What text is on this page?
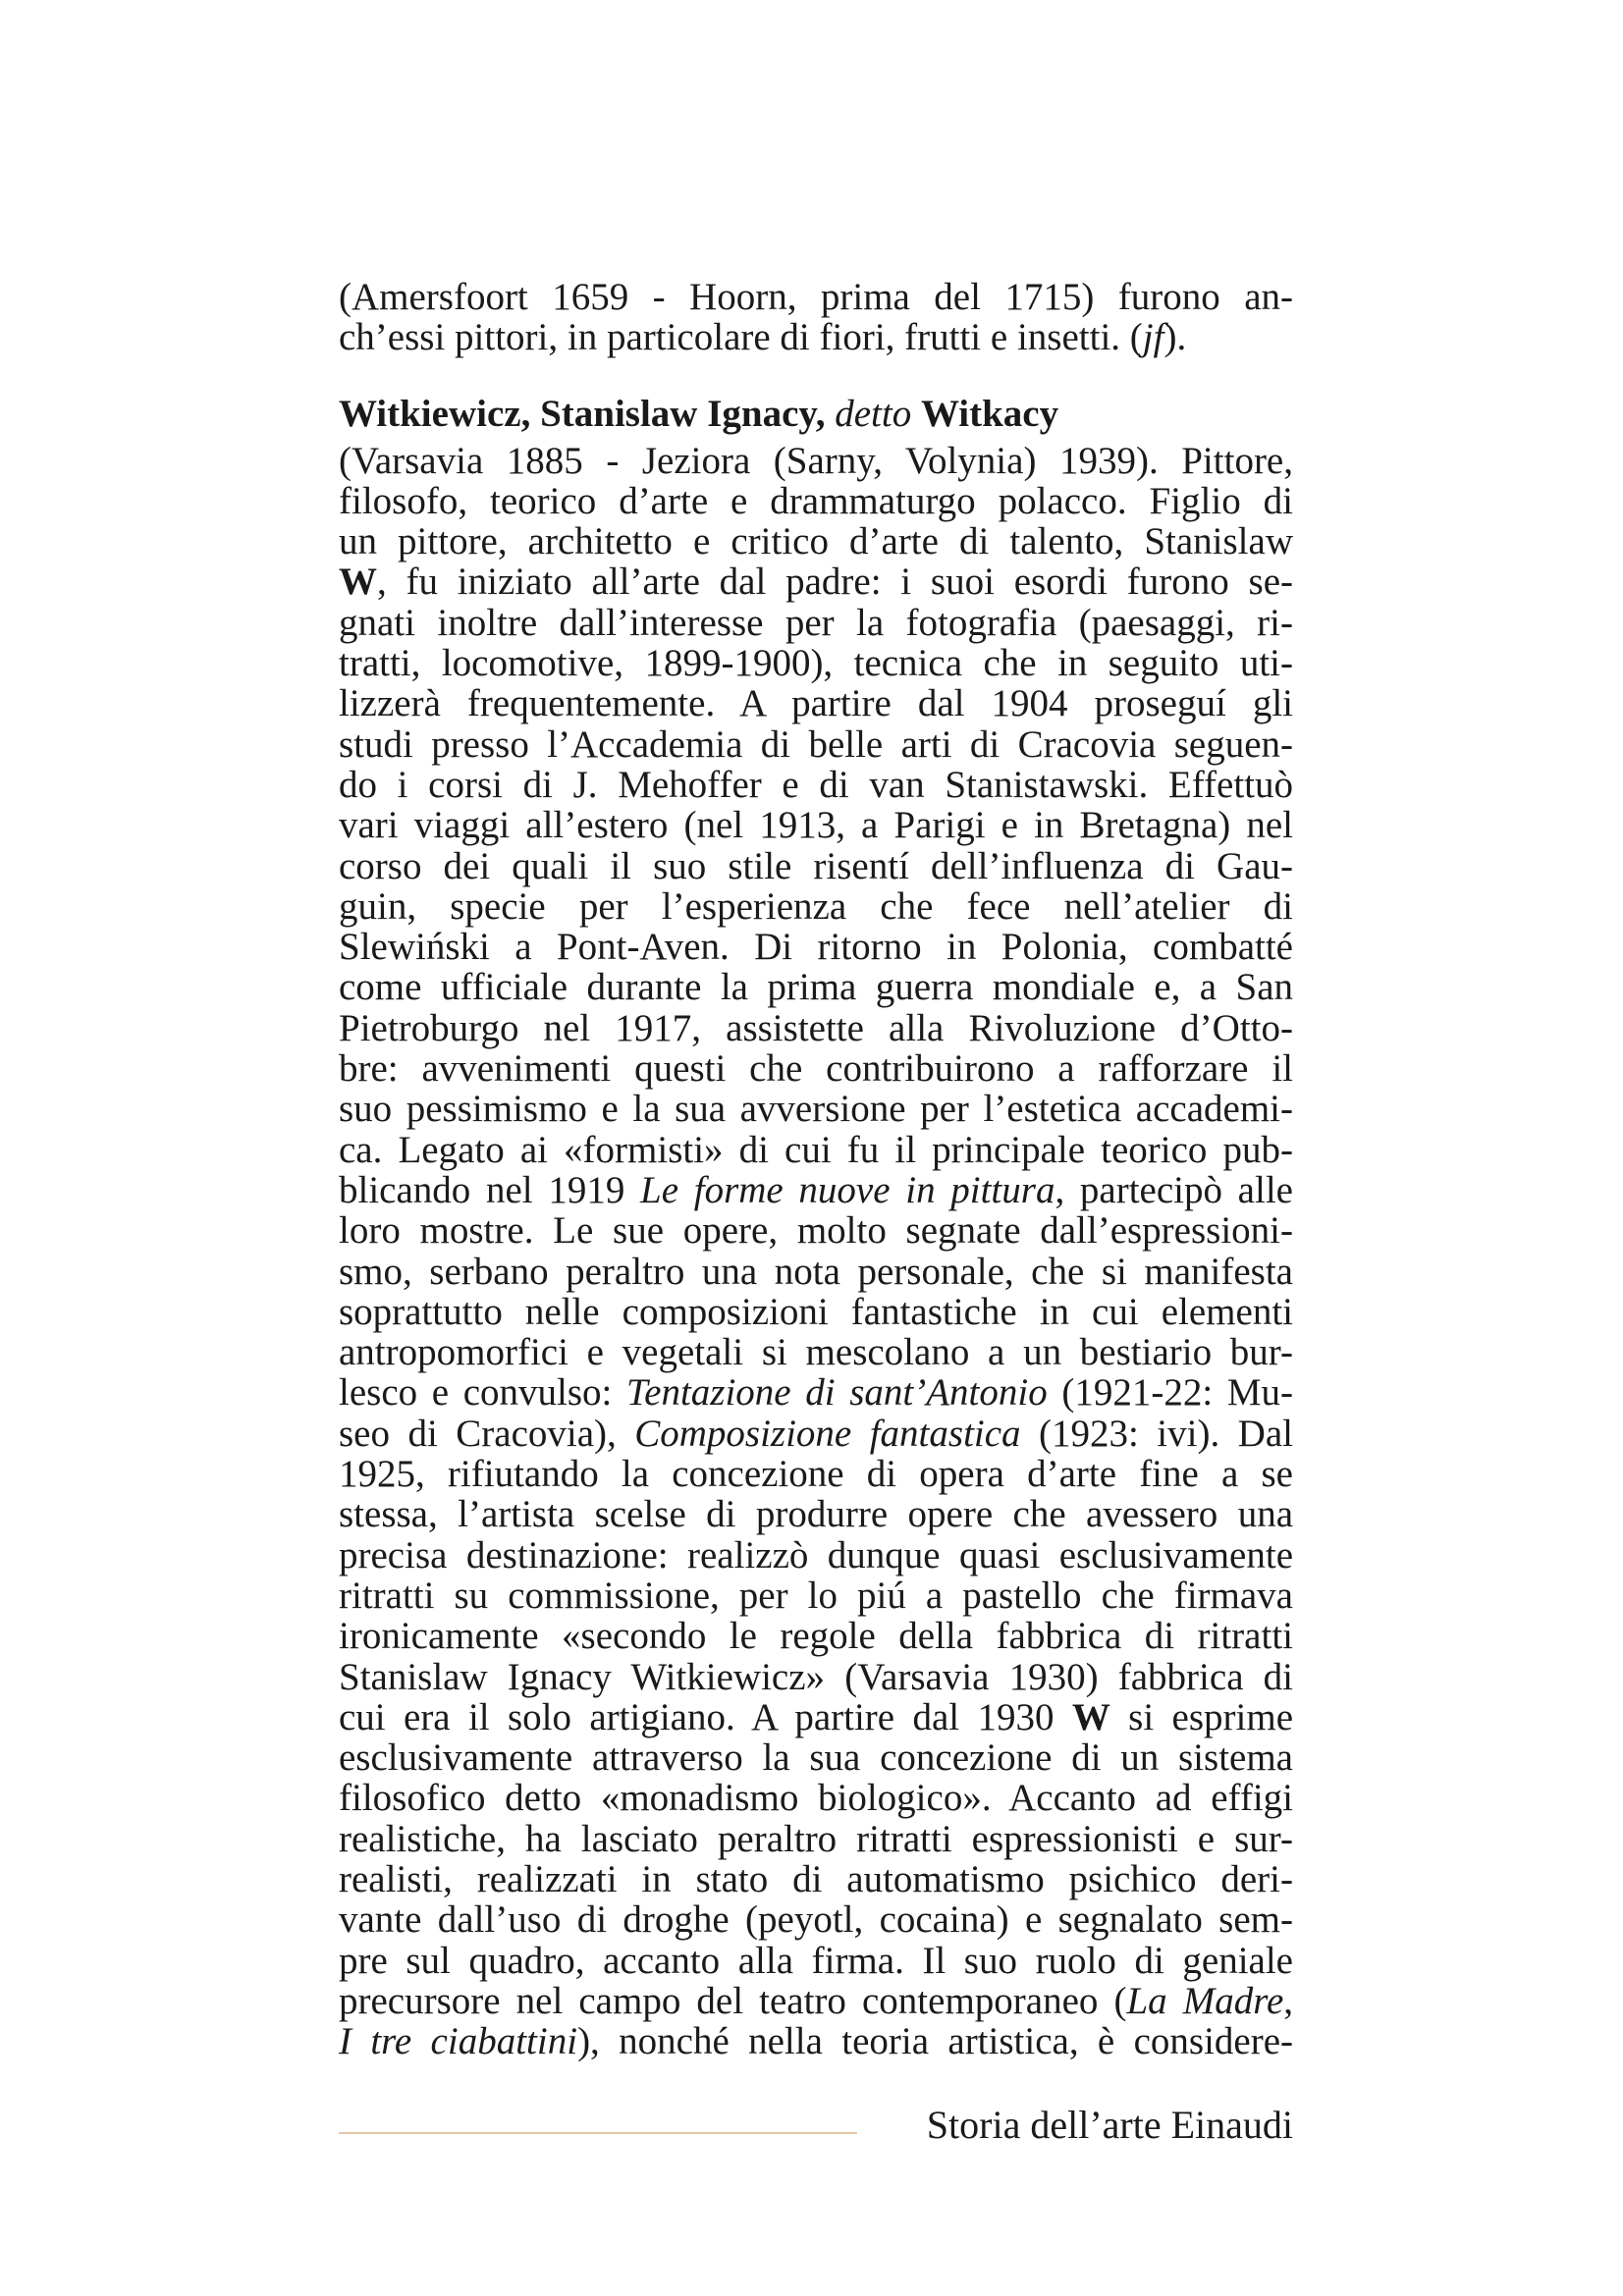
(Amersfoort 1659 - Hoorn, prima del 1715) furono an-
ch’essi pittori, in particolare di fiori, frutti e insetti. (jf).
Witkiewicz, Stanislaw Ignacy, detto Witkacy
(Varsavia 1885 - Jeziora (Sarny, Volynia) 1939). Pittore,
filosofo, teorico d’arte e drammaturgo polacco. Figlio di
un pittore, architetto e critico d’arte di talento, Stanislaw
W, fu iniziato all’arte dal padre: i suoi esordi furono se-
gnati inoltre dall’interesse per la fotografia (paesaggi, ri-
tratti, locomotive, 1899-1900), tecnica che in seguito uti-
lizzerà frequentemente. A partire dal 1904 proseguí gli
studi presso l’Accademia di belle arti di Cracovia seguen-
do i corsi di J. Mehoffer e di van Stanistawski. Effettuò
vari viaggi all’estero (nel 1913, a Parigi e in Bretagna) nel
corso dei quali il suo stile risentí dell’influenza di Gau-
guin, specie per l’esperienza che fece nell’atelier di
Slewiński a Pont-Aven. Di ritorno in Polonia, combatté
come ufficiale durante la prima guerra mondiale e, a San
Pietroburgo nel 1917, assistette alla Rivoluzione d’Otto-
bre: avvenimenti questi che contribuirono a rafforzare il
suo pessimismo e la sua avversione per l’estetica accademi-
ca. Legato ai «formisti» di cui fu il principale teorico pub-
blicando nel 1919 Le forme nuove in pittura, partecipò alle
loro mostre. Le sue opere, molto segnate dall’espressioni-
smo, serbano peraltro una nota personale, che si manifesta
soprattutto nelle composizioni fantastiche in cui elementi
antropomorfici e vegetali si mescolano a un bestiario bur-
lesco e convulso: Tentazione di sant’Antonio (1921-22: Mu-
seo di Cracovia), Composizione fantastica (1923: ivi). Dal
1925, rifiutando la concezione di opera d’arte fine a se
stessa, l’artista scelse di produrre opere che avessero una
precisa destinazione: realizzò dunque quasi esclusivamente
ritratti su commissione, per lo piú a pastello che firmava
ironicamente «secondo le regole della fabbrica di ritratti
Stanislaw Ignacy Witkiewicz» (Varsavia 1930) fabbrica di
cui era il solo artigiano. A partire dal 1930 W si esprime
esclusivamente attraverso la sua concezione di un sistema
filosofico detto «monadismo biologico». Accanto ad effigi
realistiche, ha lasciato peraltro ritratti espressionisti e sur-
realisti, realizzati in stato di automatismo psichico deri-
vante dall’uso di droghe (peyotl, cocaina) e segnalato sem-
pre sul quadro, accanto alla firma. Il suo ruolo di geniale
precursore nel campo del teatro contemporaneo (La Madre,
I tre ciabattini), nonché nella teoria artistica, è considere-
Storia dell’arte Einaudi
